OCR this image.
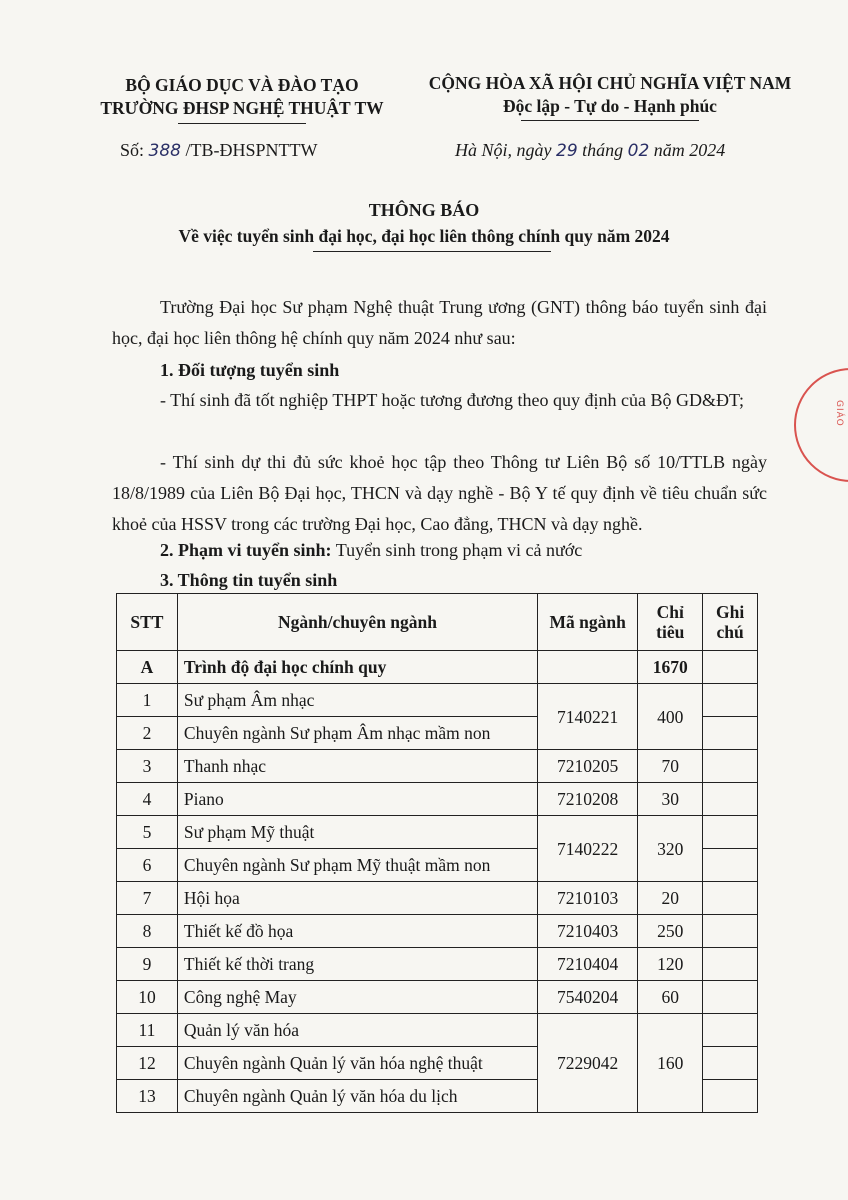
BỘ GIÁO DỤC VÀ ĐÀO TẠO
TRƯỜNG ĐHSP NGHỆ THUẬT TW
CỘNG HÒA XÃ HỘI CHỦ NGHĨA VIỆT NAM
Độc lập - Tự do - Hạnh phúc
Số: 388 /TB-ĐHSPNTTW	Hà Nội, ngày 29 tháng 02 năm 2024
THÔNG BÁO
Về việc tuyển sinh đại học, đại học liên thông chính quy năm 2024
Trường Đại học Sư phạm Nghệ thuật Trung ương (GNT) thông báo tuyển sinh đại học, đại học liên thông hệ chính quy năm 2024 như sau:
1. Đối tượng tuyển sinh
- Thí sinh đã tốt nghiệp THPT hoặc tương đương theo quy định của Bộ GD&ĐT;
- Thí sinh dự thi đủ sức khoẻ học tập theo Thông tư Liên Bộ số 10/TTLB ngày 18/8/1989 của Liên Bộ Đại học, THCN và dạy nghề - Bộ Y tế quy định về tiêu chuẩn sức khoẻ của HSSV trong các trường Đại học, Cao đẳng, THCN và dạy nghề.
2. Phạm vi tuyển sinh: Tuyển sinh trong phạm vi cả nước
3. Thông tin tuyển sinh
STT	Ngành/chuyên ngành	Mã ngành	Chỉ tiêu	Ghi chú
A	Trình độ đại học chính quy		1670	
1	Sư phạm Âm nhạc	7140221	400	
2	Chuyên ngành Sư phạm Âm nhạc mầm non			
3	Thanh nhạc	7210205	70	
4	Piano	7210208	30	
5	Sư phạm Mỹ thuật	7140222	320	
6	Chuyên ngành Sư phạm Mỹ thuật mầm non			
7	Hội họa	7210103	20	
8	Thiết kế đồ họa	7210403	250	
9	Thiết kế thời trang	7210404	120	
10	Công nghệ May	7540204	60	
11	Quản lý văn hóa	7229042	160	
12	Chuyên ngành Quản lý văn hóa nghệ thuật			
13	Chuyên ngành Quản lý văn hóa du lịch			
GIÁO
